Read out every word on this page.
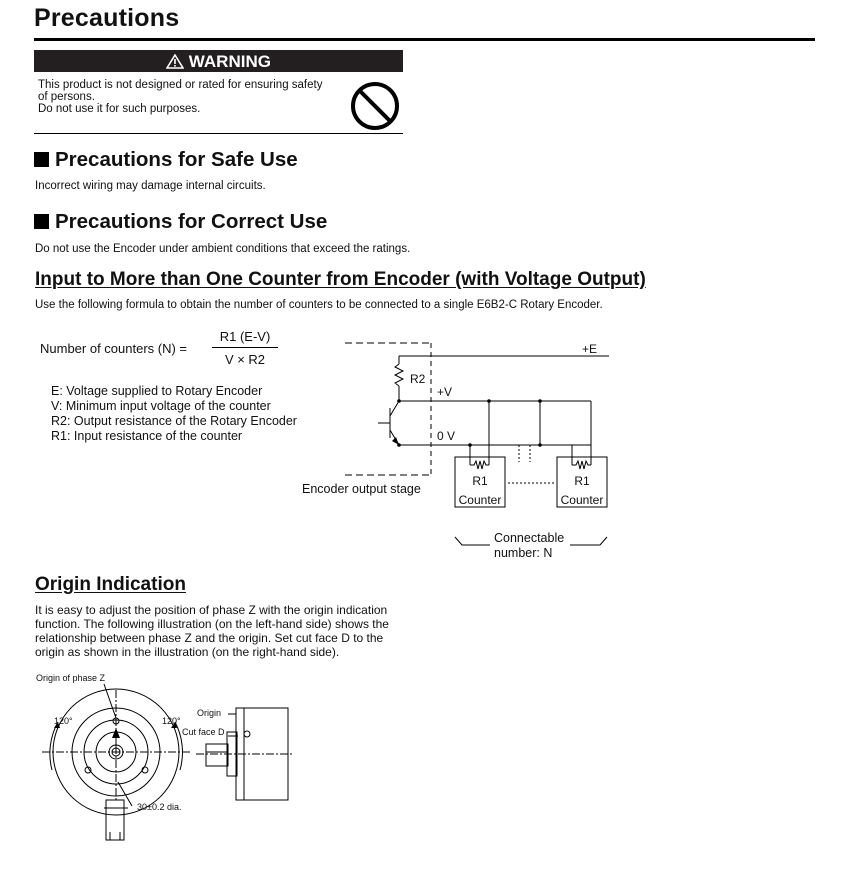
Precautions
WARNING
This product is not designed or rated for ensuring safety
of persons.
Do not use it for such purposes.
Precautions for Safe Use
Incorrect wiring may damage internal circuits.
Precautions for Correct Use
Do not use the Encoder under ambient conditions that exceed the ratings.
Input to More than One Counter from Encoder (with Voltage Output)
Use the following formula to obtain the number of counters to be connected to a single E6B2-C Rotary Encoder.
Number of counters (N) =
R1 (E-V)
V × R2
E: Voltage supplied to Rotary Encoder
V: Minimum input voltage of the counter
R2: Output resistance of the Rotary Encoder
R1: Input resistance of the counter
+E
R2
+V
0 V
R1
Counter
R1
Counter
Encoder output stage
Connectable
number: N
Origin Indication
It is easy to adjust the position of phase Z with the origin indication
function. The following illustration (on the left-hand side) shows the
relationship between phase Z and the origin. Set cut face D to the
origin as shown in the illustration (on the right-hand side).
Origin of phase Z
120°	120°
30±0.2 dia.
Origin
Cut face D
